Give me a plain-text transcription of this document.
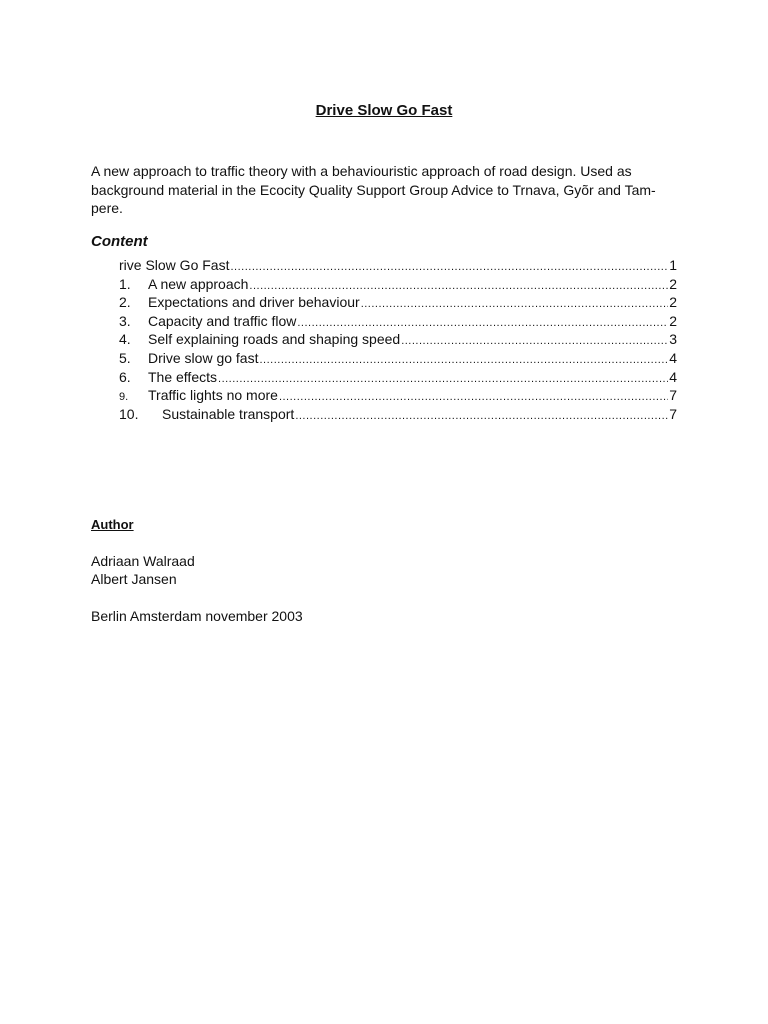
Drive Slow Go Fast
A new approach to traffic theory with a behaviouristic approach of road design. Used as background material in the Ecocity Quality Support Group Advice to Trnava, Gyõr and Tam-pere.
Content
rive Slow Go Fast .....	1
1.	A new approach .....	2
2.	Expectations and driver behaviour .....	2
3.	Capacity and traffic flow .....	2
4.	Self explaining roads and shaping speed .....	3
5.	Drive slow go fast .....	4
6.	The effects .....	4
9.	Traffic lights no more .....	7
10.	Sustainable transport .....	7
Author
Adriaan Walraad
Albert Jansen
Berlin Amsterdam november 2003
